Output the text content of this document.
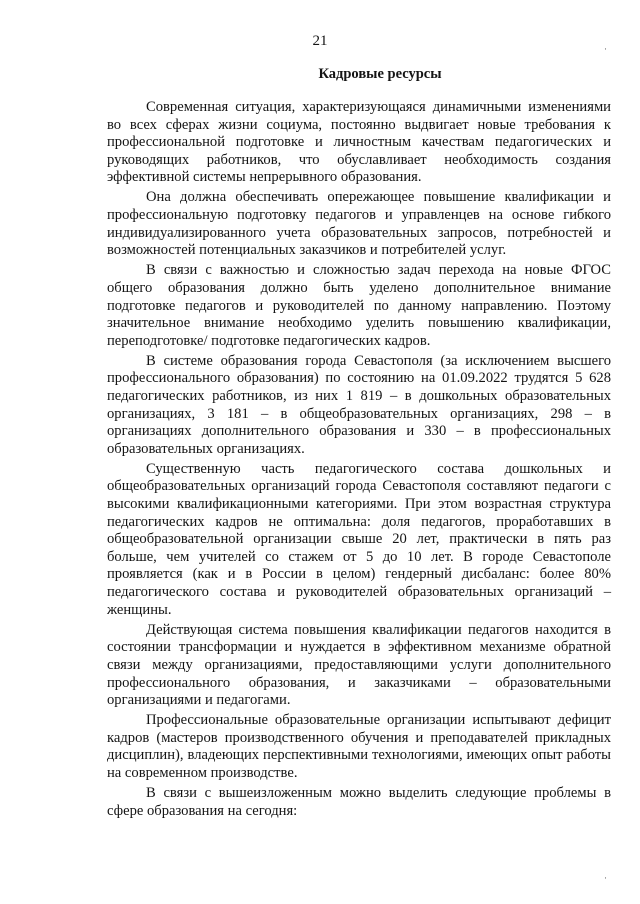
21
Кадровые ресурсы

Современная ситуация, характеризующаяся динамичными изменениями во всех сферах жизни социума, постоянно выдвигает новые требования к профессиональной подготовке и личностным качествам педагогических и руководящих работников, что обуславливает необходимость создания эффективной системы непрерывного образования.

Она должна обеспечивать опережающее повышение квалификации и профессиональную подготовку педагогов и управленцев на основе гибкого индивидуализированного учета образовательных запросов, потребностей и возможностей потенциальных заказчиков и потребителей услуг.

В связи с важностью и сложностью задач перехода на новые ФГОС общего образования должно быть уделено дополнительное внимание подготовке педагогов и руководителей по данному направлению. Поэтому значительное внимание необходимо уделить повышению квалификации, переподготовке/ подготовке педагогических кадров.

В системе образования города Севастополя (за исключением высшего профессионального образования) по состоянию на 01.09.2022 трудятся 5 628 педагогических работников, из них 1 819 – в дошкольных образовательных организациях, 3 181 – в общеобразовательных организациях, 298 – в организациях дополнительного образования и 330 – в профессиональных образовательных организациях.

Существенную часть педагогического состава дошкольных и общеобразовательных организаций города Севастополя составляют педагоги с высокими квалификационными категориями. При этом возрастная структура педагогических кадров не оптимальна: доля педагогов, проработавших в общеобразовательной организации свыше 20 лет, практически в пять раз больше, чем учителей со стажем от 5 до 10 лет. В городе Севастополе проявляется (как и в России в целом) гендерный дисбаланс: более 80% педагогического состава и руководителей образовательных организаций – женщины.

Действующая система повышения квалификации педагогов находится в состоянии трансформации и нуждается в эффективном механизме обратной связи между организациями, предоставляющими услуги дополнительного профессионального образования, и заказчиками – образовательными организациями и педагогами.

Профессиональные образовательные организации испытывают дефицит кадров (мастеров производственного обучения и преподавателей прикладных дисциплин), владеющих перспективными технологиями, имеющих опыт работы на современном производстве.

В связи с вышеизложенным можно выделить следующие проблемы в сфере образования на сегодня:

·
·
